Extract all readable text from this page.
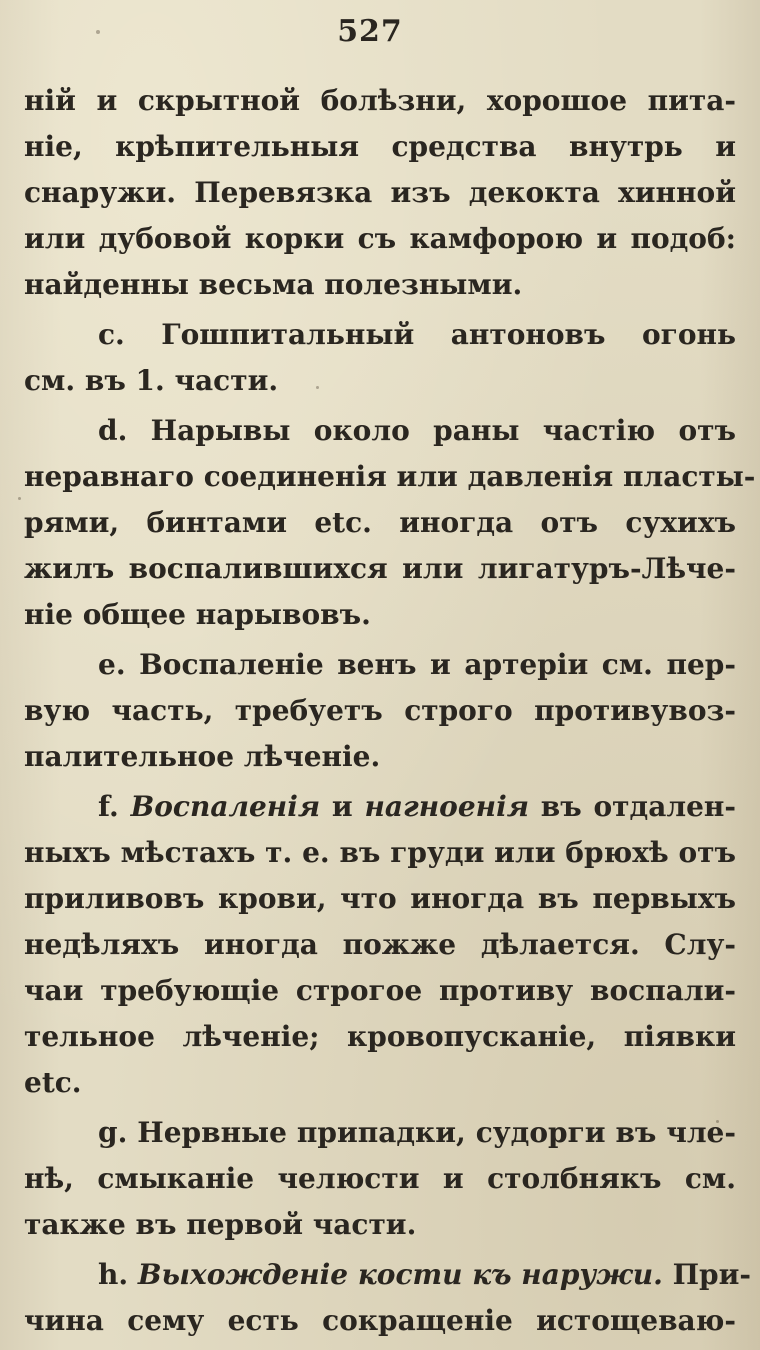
527
ній и скрытной болѣзни, хорошое пита-
ніе, крѣпительныя средства внутрь и
снаружи. Перевязка изъ декокта хинной
или дубовой корки съ камфорою и подоб:
найденны весьма полезными.
c. Гошпитальный антоновъ огонь
см. въ 1. части.
d. Нарывы около раны частію отъ
неравнаго соединенія или давленія пласты-
рями, бинтами etc. иногда отъ сухихъ
жилъ воспалившихся или лигатуръ-Лѣче-
ніе общее нарывовъ.
e. Воспаленіе венъ и артеріи см. пер-
вую часть, требуетъ строго противувоз-
палительное лѣченіе.
f. Воспаленія и нагноенія въ отдален-
ныхъ мѣстахъ т. е. въ груди или брюхѣ отъ
приливовъ крови, что иногда въ первыхъ
недѣляхъ иногда пожже дѣлается. Слу-
чаи требующіе строгое противу воспали-
тельное лѣченіе; кровопусканіе, піявки
etc.
g. Нервные припадки, судорги въ чле-
нѣ, смыканіе челюсти и столбнякъ см.
также въ первой части.
h. Выхожденіе кости къ наружи. При-
чина сему есть сокращеніе истощеваю-
